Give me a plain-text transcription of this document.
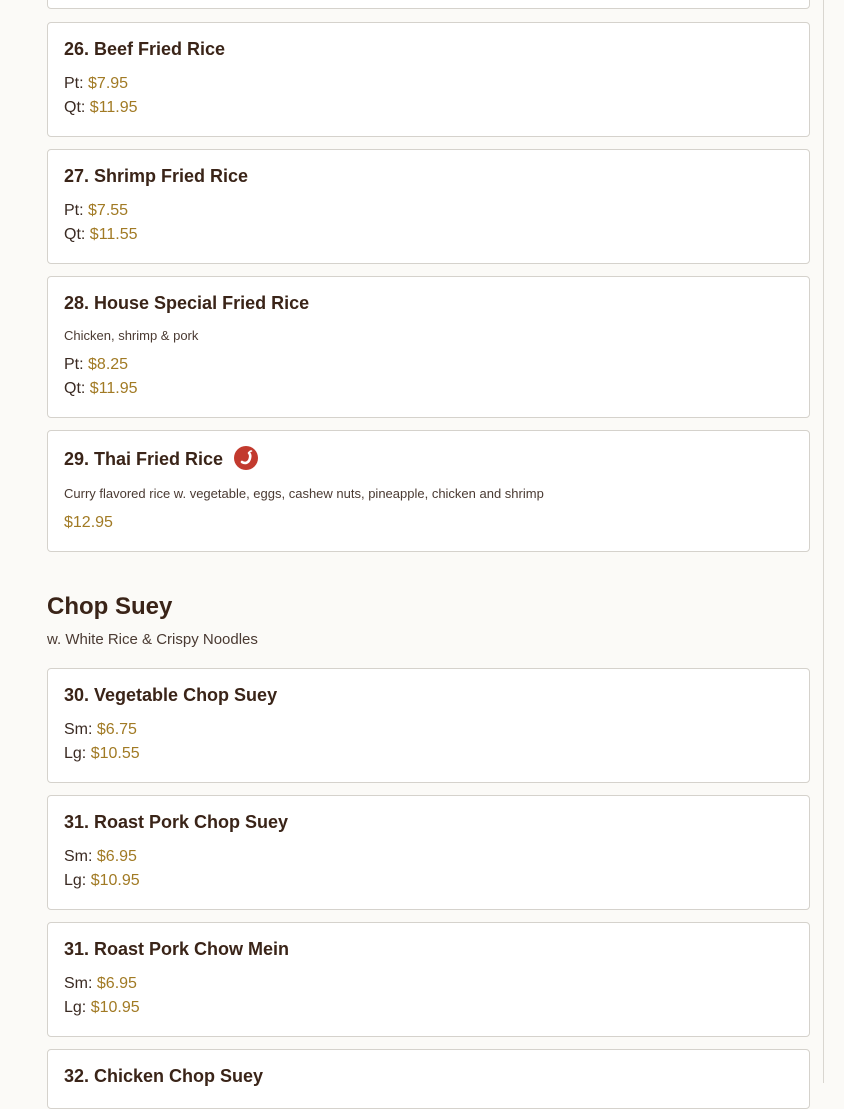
26. Beef Fried Rice
Pt: $7.95
Qt: $11.95
27. Shrimp Fried Rice
Pt: $7.55
Qt: $11.55
28. House Special Fried Rice
Chicken, shrimp & pork
Pt: $8.25
Qt: $11.95
29. Thai Fried Rice
Curry flavored rice w. vegetable, eggs, cashew nuts, pineapple, chicken and shrimp
$12.95
Chop Suey
w. White Rice & Crispy Noodles
30. Vegetable Chop Suey
Sm: $6.75
Lg: $10.55
31. Roast Pork Chop Suey
Sm: $6.95
Lg: $10.95
31. Roast Pork Chow Mein
Sm: $6.95
Lg: $10.95
32. Chicken Chop Suey
